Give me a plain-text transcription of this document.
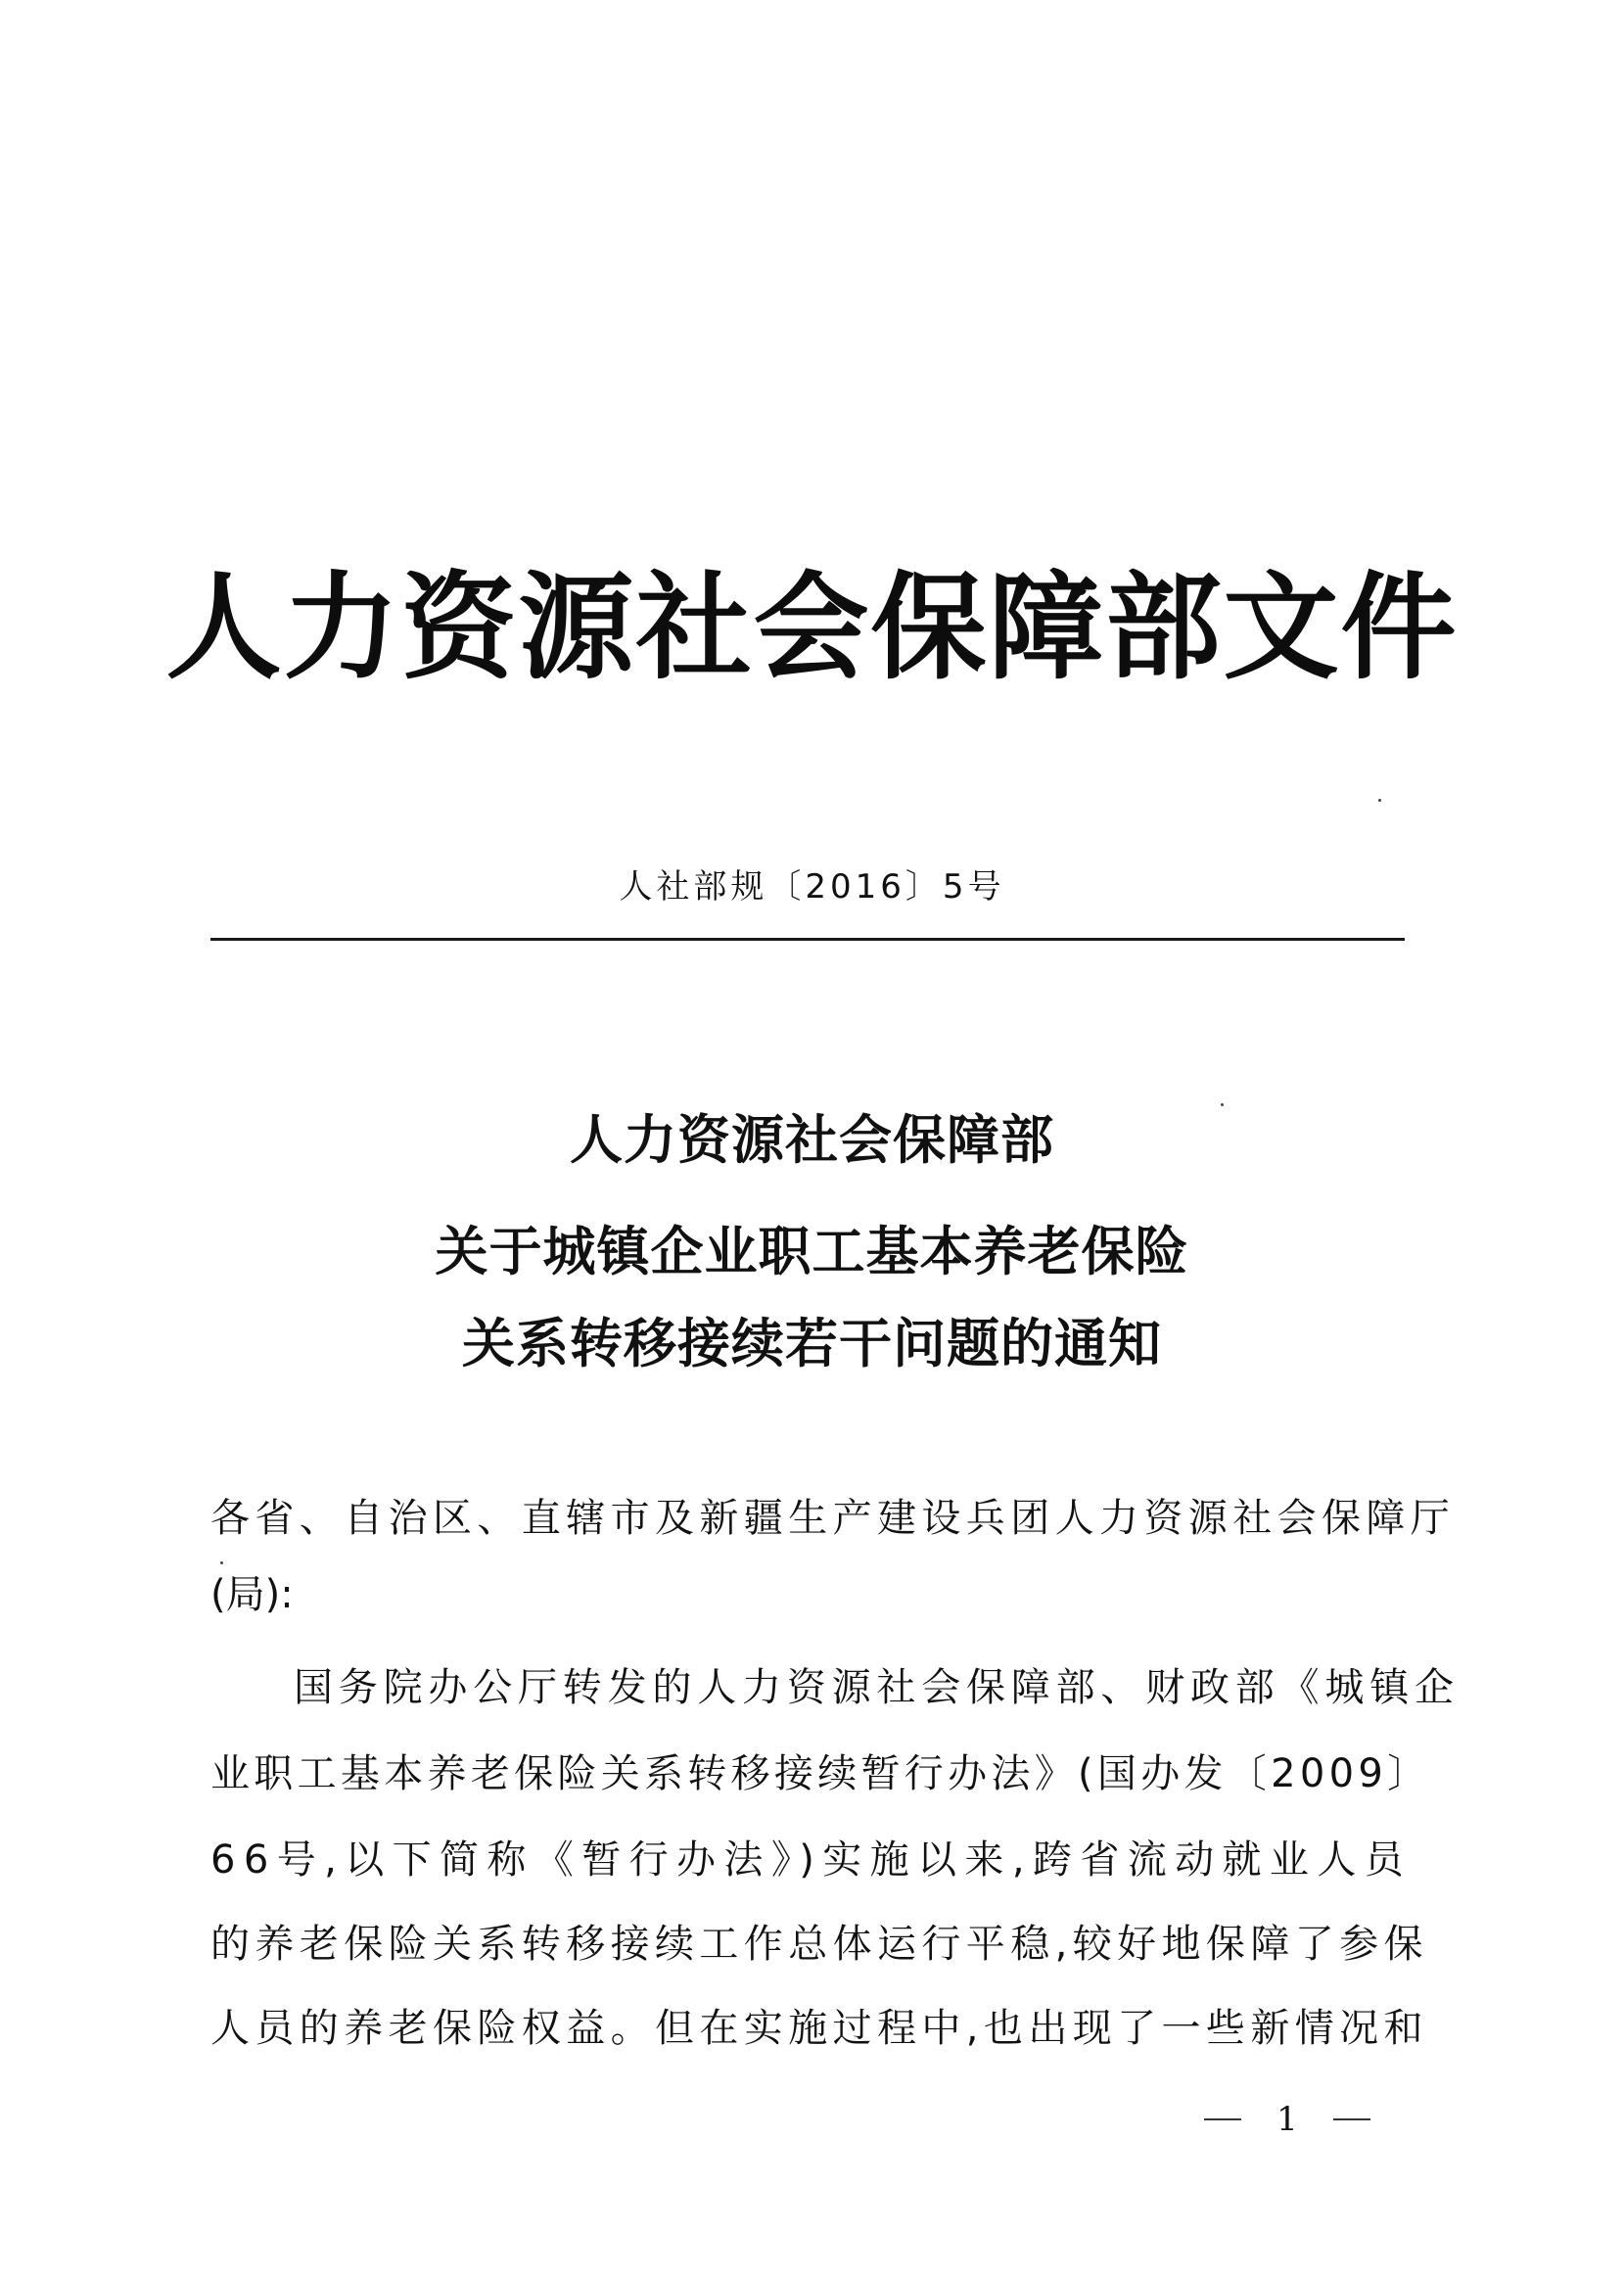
人力资源社会保障部文件
人社部规〔2016〕5号
人力资源社会保障部
关于城镇企业职工基本养老保险
关系转移接续若干问题的通知
各省、自治区、直辖市及新疆生产建设兵团人力资源社会保障厅
(局):
国务院办公厅转发的人力资源社会保障部、财政部《城镇企
业职工基本养老保险关系转移接续暂行办法》(国办发〔2009〕
66号,以下简称《暂行办法》)实施以来,跨省流动就业人员
的养老保险关系转移接续工作总体运行平稳,较好地保障了参保
人员的养老保险权益。但在实施过程中,也出现了一些新情况和
1
